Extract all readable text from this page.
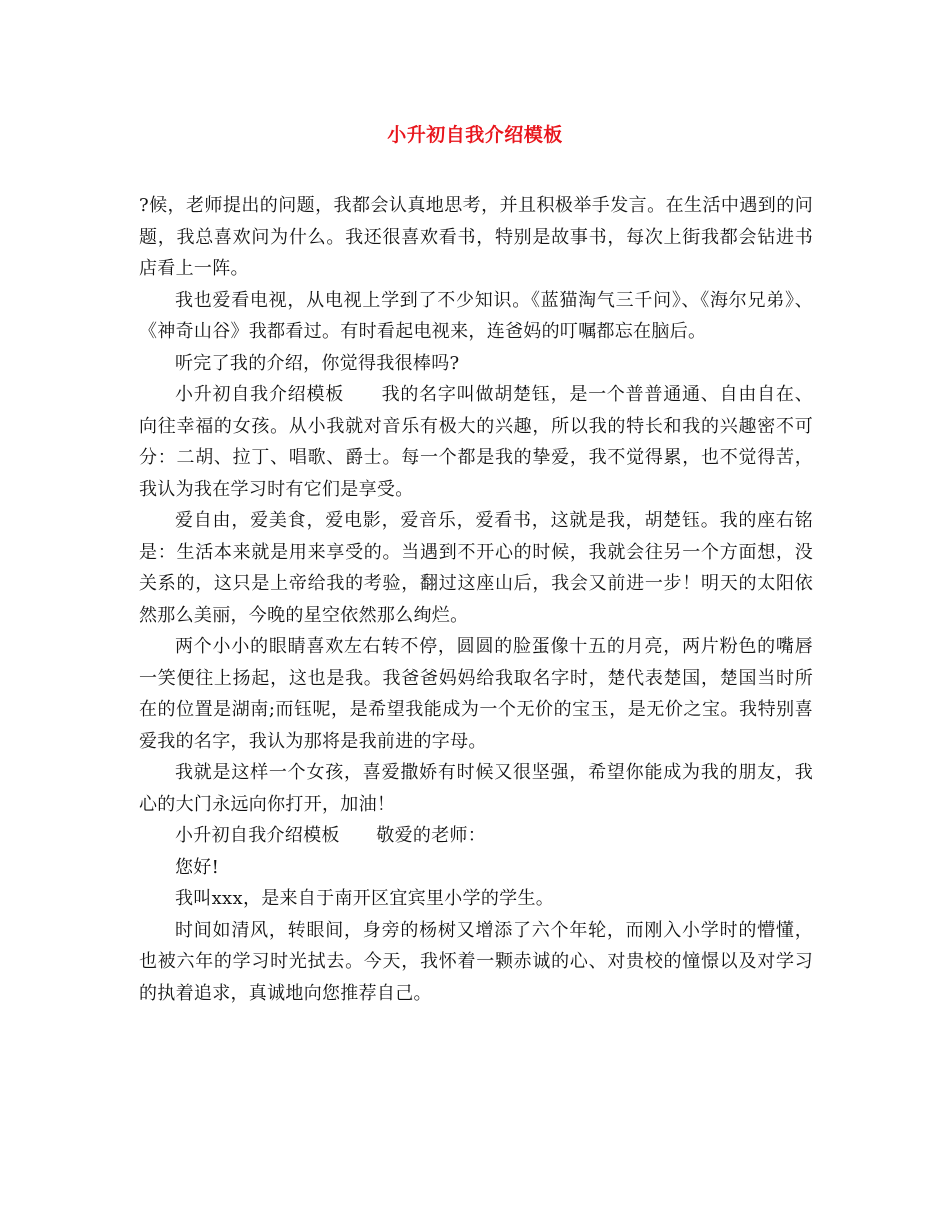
小升初自我介绍模板

?候，老师提出的问题，我都会认真地思考，并且积极举手发言。在生活中遇到的问题，我总喜欢问为什么。我还很喜欢看书，特别是故事书，每次上街我都会钻进书店看上一阵。

我也爱看电视，从电视上学到了不少知识。《蓝猫淘气三千问》、《海尔兄弟》、《神奇山谷》我都看过。有时看起电视来，连爸妈的叮嘱都忘在脑后。

听完了我的介绍，你觉得我很棒吗?

小升初自我介绍模板　　我的名字叫做胡楚钰，是一个普普通通、自由自在、向往幸福的女孩。从小我就对音乐有极大的兴趣，所以我的特长和我的兴趣密不可分：二胡、拉丁、唱歌、爵士。每一个都是我的挚爱，我不觉得累，也不觉得苦，我认为我在学习时有它们是享受。

爱自由，爱美食，爱电影，爱音乐，爱看书，这就是我，胡楚钰。我的座右铭是：生活本来就是用来享受的。当遇到不开心的时候，我就会往另一个方面想，没关系的，这只是上帝给我的考验，翻过这座山后，我会又前进一步！明天的太阳依然那么美丽，今晚的星空依然那么绚烂。

两个小小的眼睛喜欢左右转不停，圆圆的脸蛋像十五的月亮，两片粉色的嘴唇一笑便往上扬起，这也是我。我爸爸妈妈给我取名字时，楚代表楚国，楚国当时所在的位置是湖南;而钰呢，是希望我能成为一个无价的宝玉，是无价之宝。我特别喜爱我的名字，我认为那将是我前进的字母。

我就是这样一个女孩，喜爱撒娇有时候又很坚强，希望你能成为我的朋友，我心的大门永远向你打开，加油！

小升初自我介绍模板　　敬爱的老师：

您好!

我叫xxx，是来自于南开区宜宾里小学的学生。

时间如清风，转眼间，身旁的杨树又增添了六个年轮，而刚入小学时的懵懂，也被六年的学习时光拭去。今天，我怀着一颗赤诚的心、对贵校的憧憬以及对学习的执着追求，真诚地向您推荐自己。
